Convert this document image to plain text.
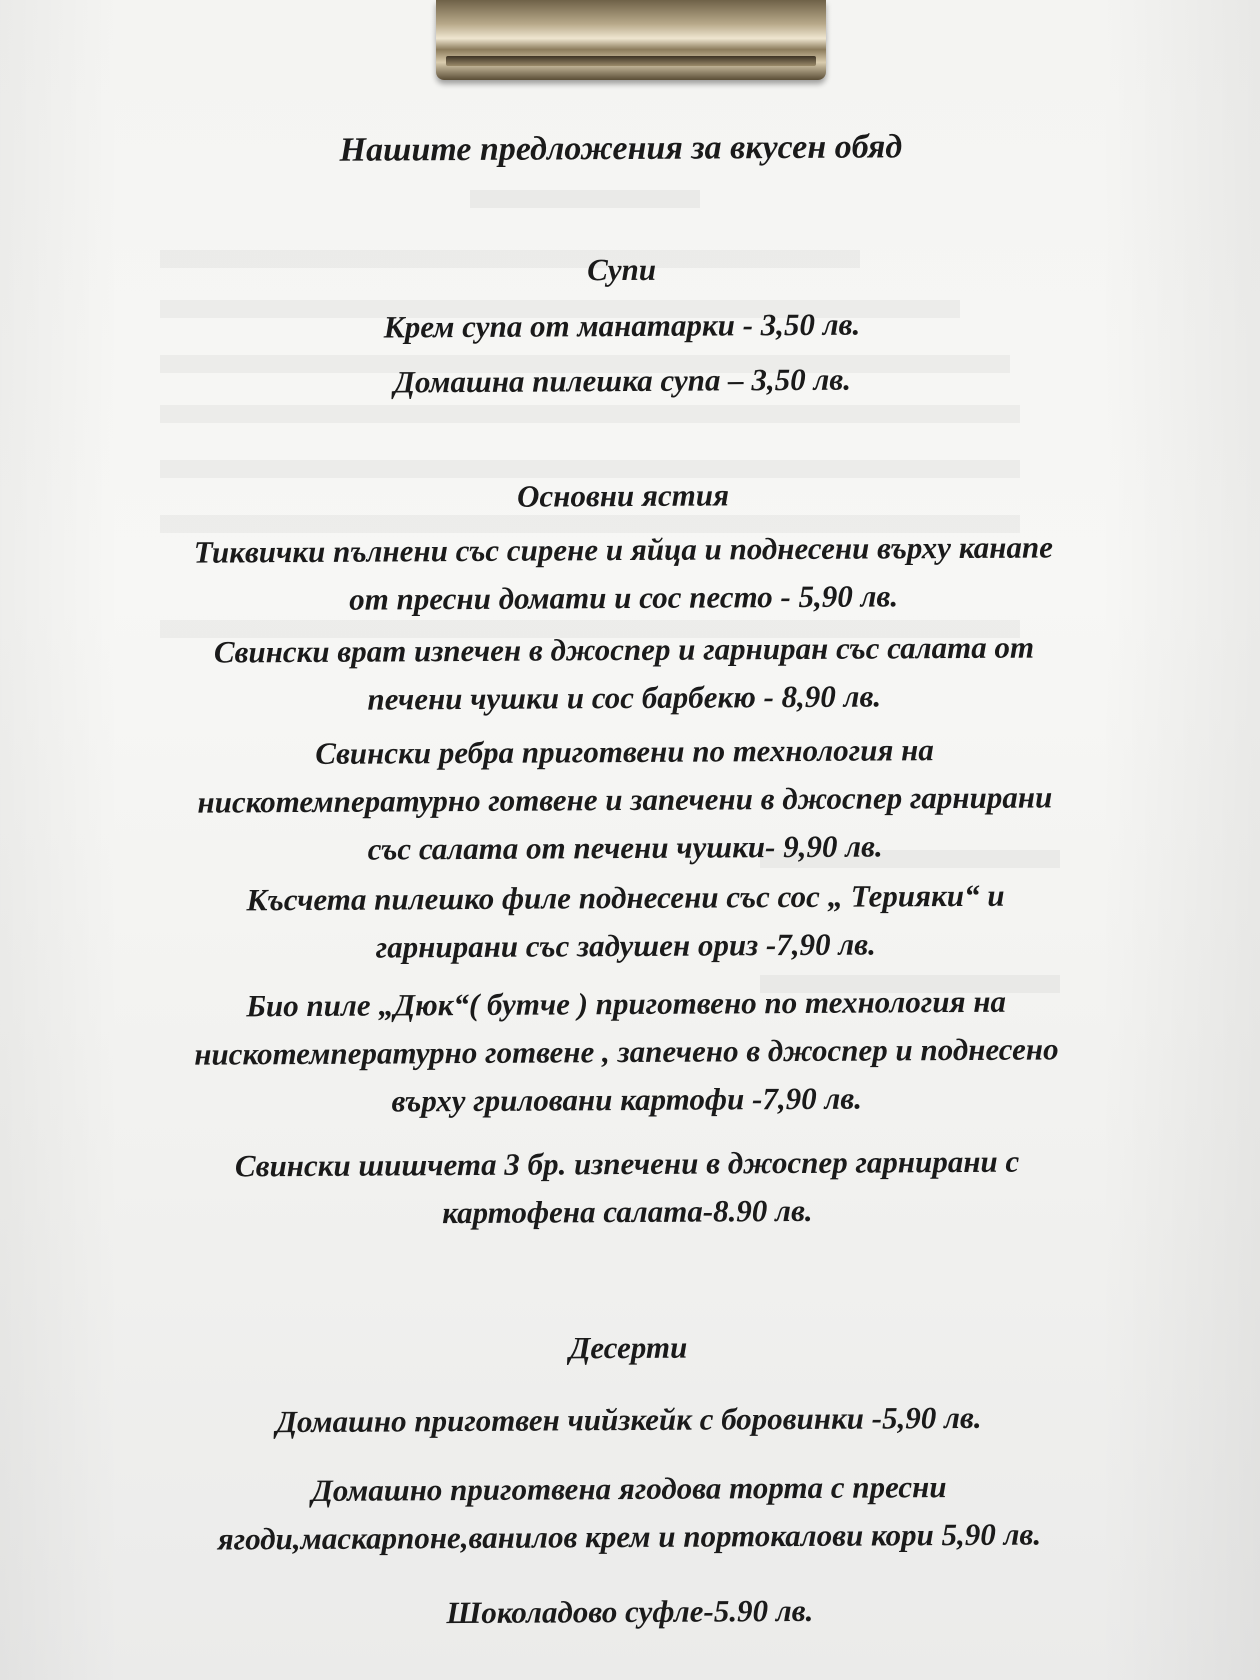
Нашите предложения за вкусен обяд
Супи
Крем супа от манатарки - 3,50 лв.
Домашна пилешка супа – 3,50 лв.
Основни ястия
Тиквички пълнени със сирене и яйца и поднесени върху канапе
от пресни домати и сос песто - 5,90 лв.
Свински врат изпечен в джоспер и гарниран със салата от
печени чушки и сос барбекю - 8,90 лв.
Свински ребра приготвени по технология на
нискотемпературно готвене и запечени в джоспер гарнирани
със салата от печени чушки- 9,90 лв.
Късчета пилешко филе поднесени със сос „ Терияки“ и
гарнирани със задушен ориз -7,90 лв.
Био пиле „Дюк“( бутче ) приготвено по технология на
нискотемпературно готвене , запечено в джоспер и поднесено
върху гриловани картофи -7,90 лв.
Свински шишчета 3 бр. изпечени в джоспер гарнирани с
картофена салата-8.90 лв.
Десерти
Домашно приготвен чийзкейк с боровинки -5,90 лв.
Домашно приготвена ягодова торта с пресни
ягоди,маскарпоне,ванилов крем и портокалови кори 5,90 лв.
Шоколадово суфле-5.90 лв.
